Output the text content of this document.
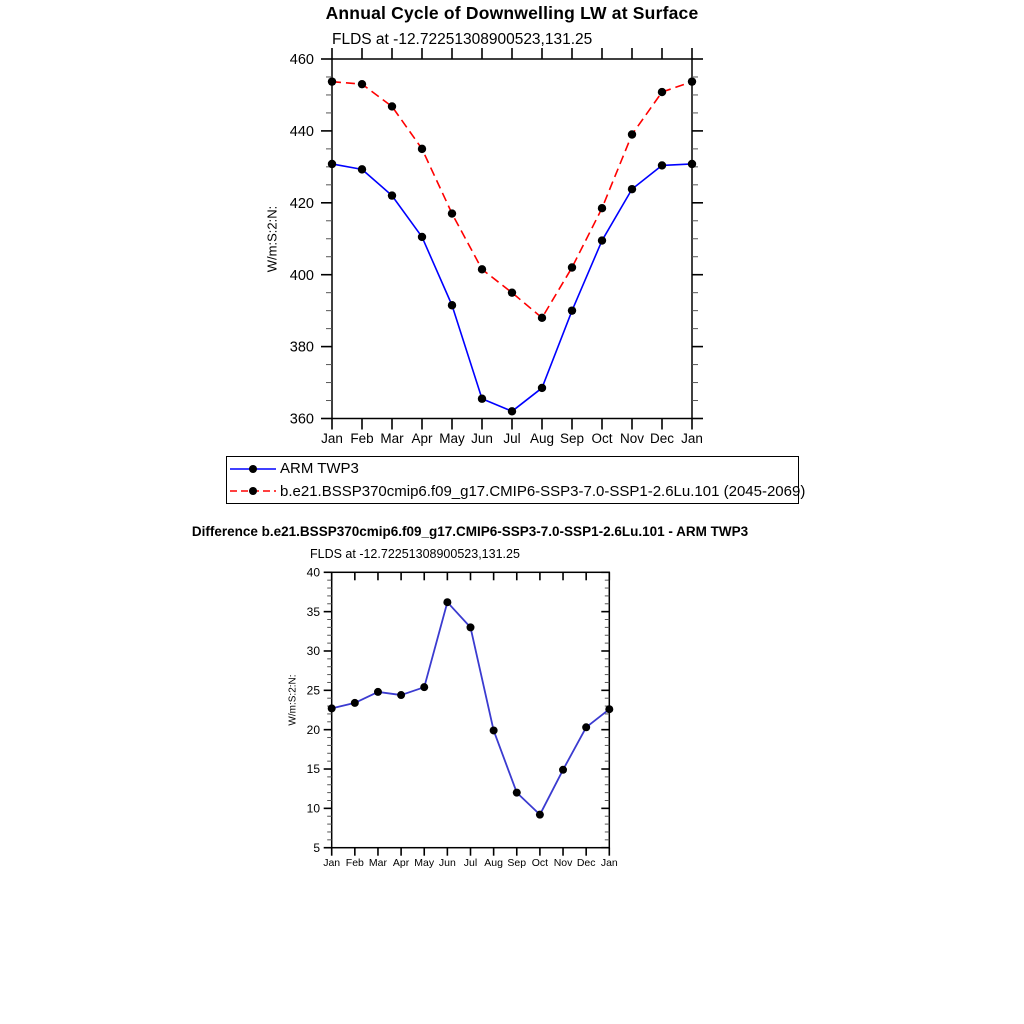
Annual Cycle of Downwelling LW at Surface
FLDS at -12.72251308900523,131.25
W/m:S:2:N:
360
380
400
420
440
460
Jan Feb Mar Apr May Jun Jul Aug Sep Oct Nov Dec Jan
ARM TWP3
b.e21.BSSP370cmip6.f09_g17.CMIP6-SSP3-7.0-SSP1-2.6Lu.101 (2045-2069)
Difference b.e21.BSSP370cmip6.f09_g17.CMIP6-SSP3-7.0-SSP1-2.6Lu.101 - ARM TWP3
FLDS at -12.72251308900523,131.25
W/m:S:2:N:
5
10
15
20
25
30
35
40
Jan Feb Mar Apr May Jun Jul Aug Sep Oct Nov Dec Jan
